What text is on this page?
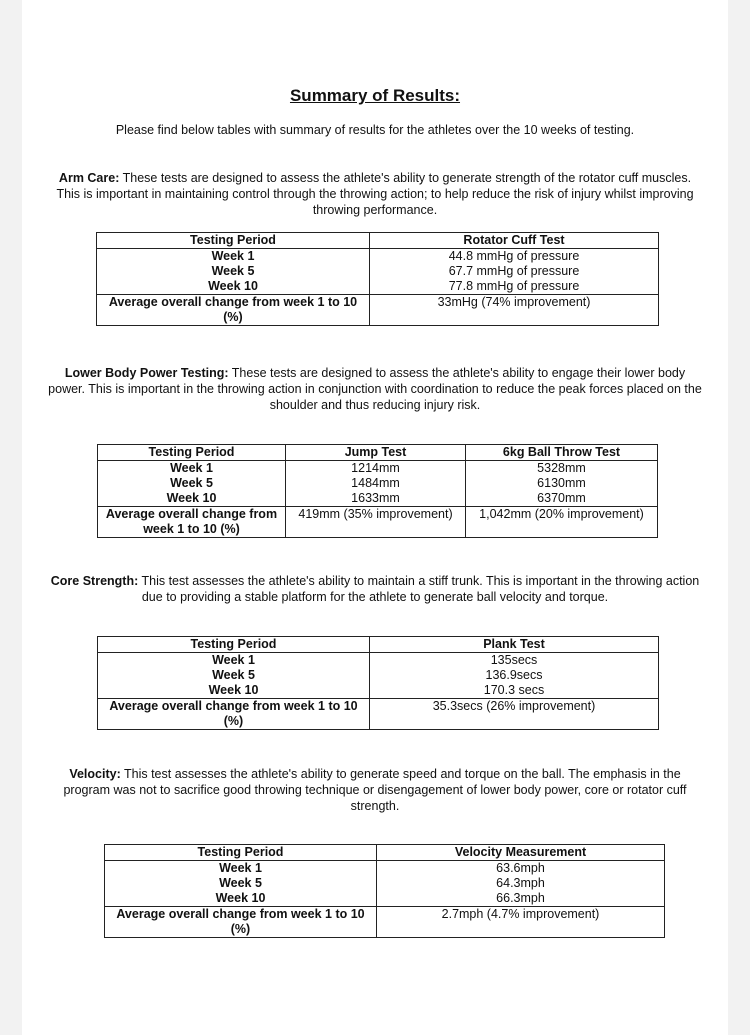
Summary of Results:
Please find below tables with summary of results for the athletes over the 10 weeks of testing.
Arm Care: These tests are designed to assess the athlete's ability to generate strength of the rotator cuff muscles. This is important in maintaining control through the throwing action; to help reduce the risk of injury whilst improving throwing performance.
Testing Period	Rotator Cuff Test
Week 1	44.8 mmHg of pressure
Week 5	67.7 mmHg of pressure
Week 10	77.8 mmHg of pressure
Average overall change from week 1 to 10 (%)	33mHg (74% improvement)
Lower Body Power Testing: These tests are designed to assess the athlete's ability to engage their lower body power. This is important in the throwing action in conjunction with coordination to reduce the peak forces placed on the shoulder and thus reducing injury risk.
Testing Period	Jump Test	6kg Ball Throw Test
Week 1	1214mm	5328mm
Week 5	1484mm	6130mm
Week 10	1633mm	6370mm
Average overall change from week 1 to 10 (%)	419mm (35% improvement)	1,042mm (20% improvement)
Core Strength: This test assesses the athlete's ability to maintain a stiff trunk. This is important in the throwing action due to providing a stable platform for the athlete to generate ball velocity and torque.
Testing Period	Plank Test
Week 1	135secs
Week 5	136.9secs
Week 10	170.3 secs
Average overall change from week 1 to 10 (%)	35.3secs (26% improvement)
Velocity: This test assesses the athlete's ability to generate speed and torque on the ball. The emphasis in the program was not to sacrifice good throwing technique or disengagement of lower body power, core or rotator cuff strength.
Testing Period	Velocity Measurement
Week 1	63.6mph
Week 5	64.3mph
Week 10	66.3mph
Average overall change from week 1 to 10 (%)	2.7mph (4.7% improvement)
